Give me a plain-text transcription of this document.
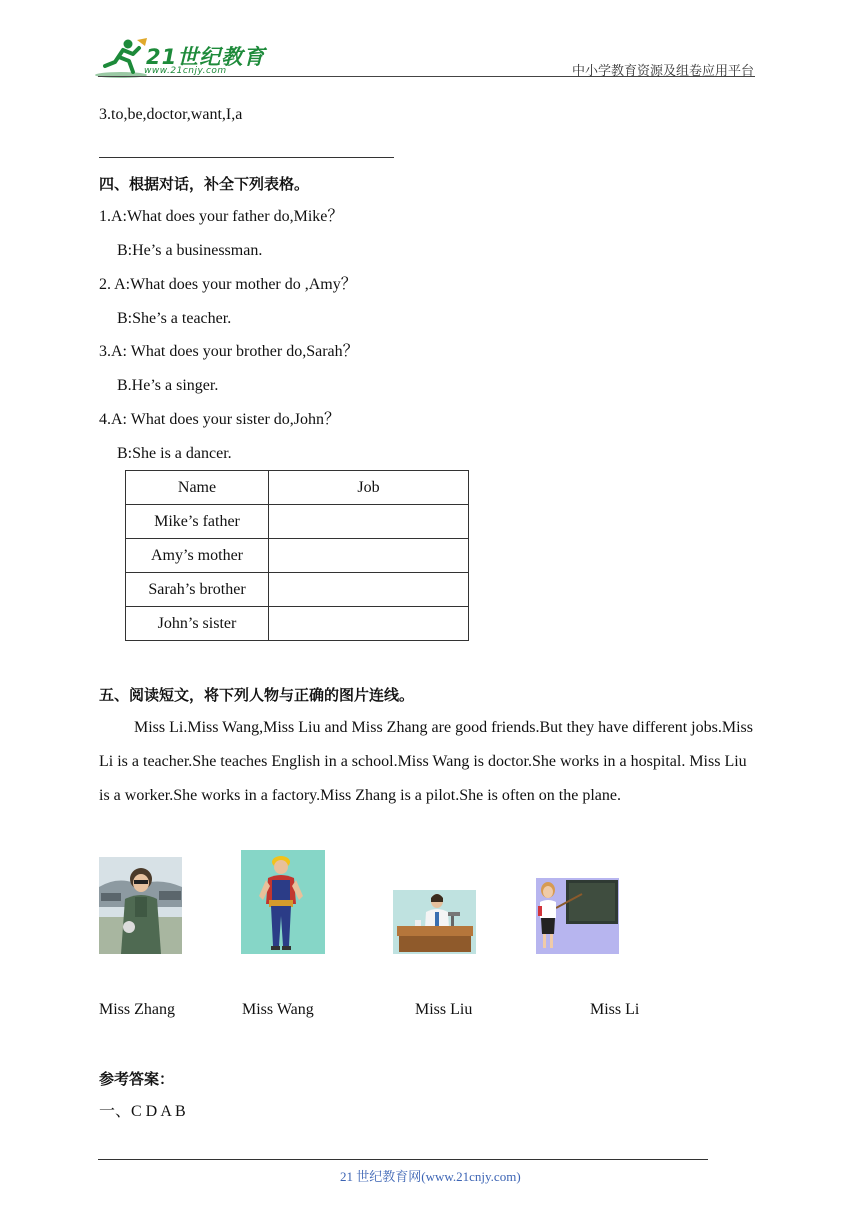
21世纪教育
www.21cnjy.com	中小学教育资源及组卷应用平台
3.to,be,doctor,want,I,a
四、根据对话，补全下列表格。
1.A:What does your father do,Mike？
B:He’s a businessman.
2. A:What does your mother do ,Amy？
B:She’s a teacher.
3.A: What does your brother do,Sarah？
B.He’s a singer.
4.A: What does your sister do,John？
B:She is a dancer.
Name	Job
Mike’s father	
Amy’s mother	
Sarah’s brother	
John’s sister	
五、阅读短文，将下列人物与正确的图片连线。
Miss Li.Miss Wang,Miss Liu and Miss Zhang are good friends.But they have different jobs.Miss Li is a teacher.She teaches English in a school.Miss Wang is doctor.She works in a hospital. Miss Liu is a worker.She works in a factory.Miss Zhang is a pilot.She is often on the plane.
Miss Zhang	Miss Wang	Miss Liu	Miss Li
参考答案：
一、C D A B
21 世纪教育网(www.21cnjy.com)
